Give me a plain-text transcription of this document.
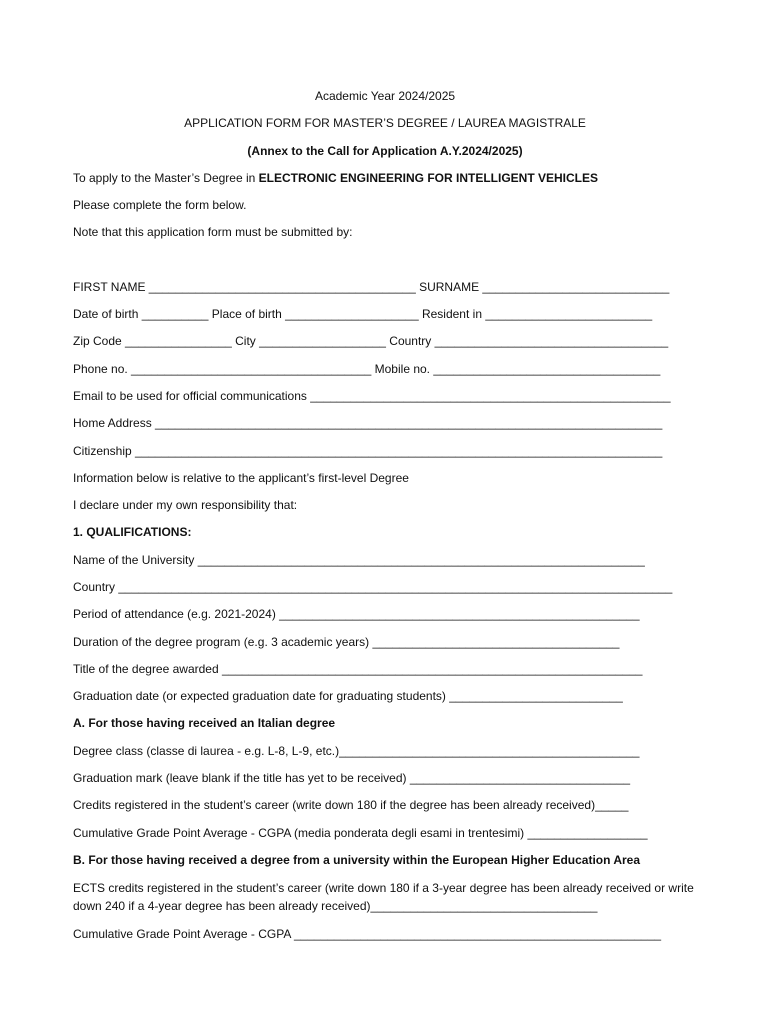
Academic Year 2024/2025
APPLICATION FORM FOR MASTER’S DEGREE / LAUREA MAGISTRALE
(Annex to the Call for Application A.Y.2024/2025)
To apply to the Master’s Degree in ELECTRONIC ENGINEERING FOR INTELLIGENT VEHICLES
Please complete the form below.
Note that this application form must be submitted by:
FIRST NAME ________________________________________ SURNAME ____________________________
Date of birth __________ Place of birth ____________________ Resident in _________________________
Zip Code ________________ City ___________________ Country ___________________________________
Phone no. ____________________________________ Mobile no. __________________________________
Email to be used for official communications ______________________________________________________
Home Address ____________________________________________________________________________
Citizenship _______________________________________________________________________________
Information below is relative to the applicant’s first-level Degree
I declare under my own responsibility that:
1. QUALIFICATIONS:
Name of the University ___________________________________________________________________
Country ___________________________________________________________________________________
Period of attendance (e.g. 2021-2024) ______________________________________________________
Duration of the degree program (e.g. 3 academic years) _____________________________________
Title of the degree awarded _______________________________________________________________
Graduation date (or expected graduation date for graduating students) __________________________
A. For those having received an Italian degree
Degree class (classe di laurea - e.g. L-8, L-9, etc.)_____________________________________________
Graduation mark (leave blank if the title has yet to be received) _________________________________
Credits registered in the student’s career (write down 180 if the degree has been already received)_____
Cumulative Grade Point Average - CGPA (media ponderata degli esami in trentesimi) __________________
B. For those having received a degree from a university within the European Higher Education Area
ECTS credits registered in the student’s career (write down 180 if a 3-year degree has been already received or write down 240 if a 4-year degree has been already received)__________________________________
Cumulative Grade Point Average - CGPA _______________________________________________________
